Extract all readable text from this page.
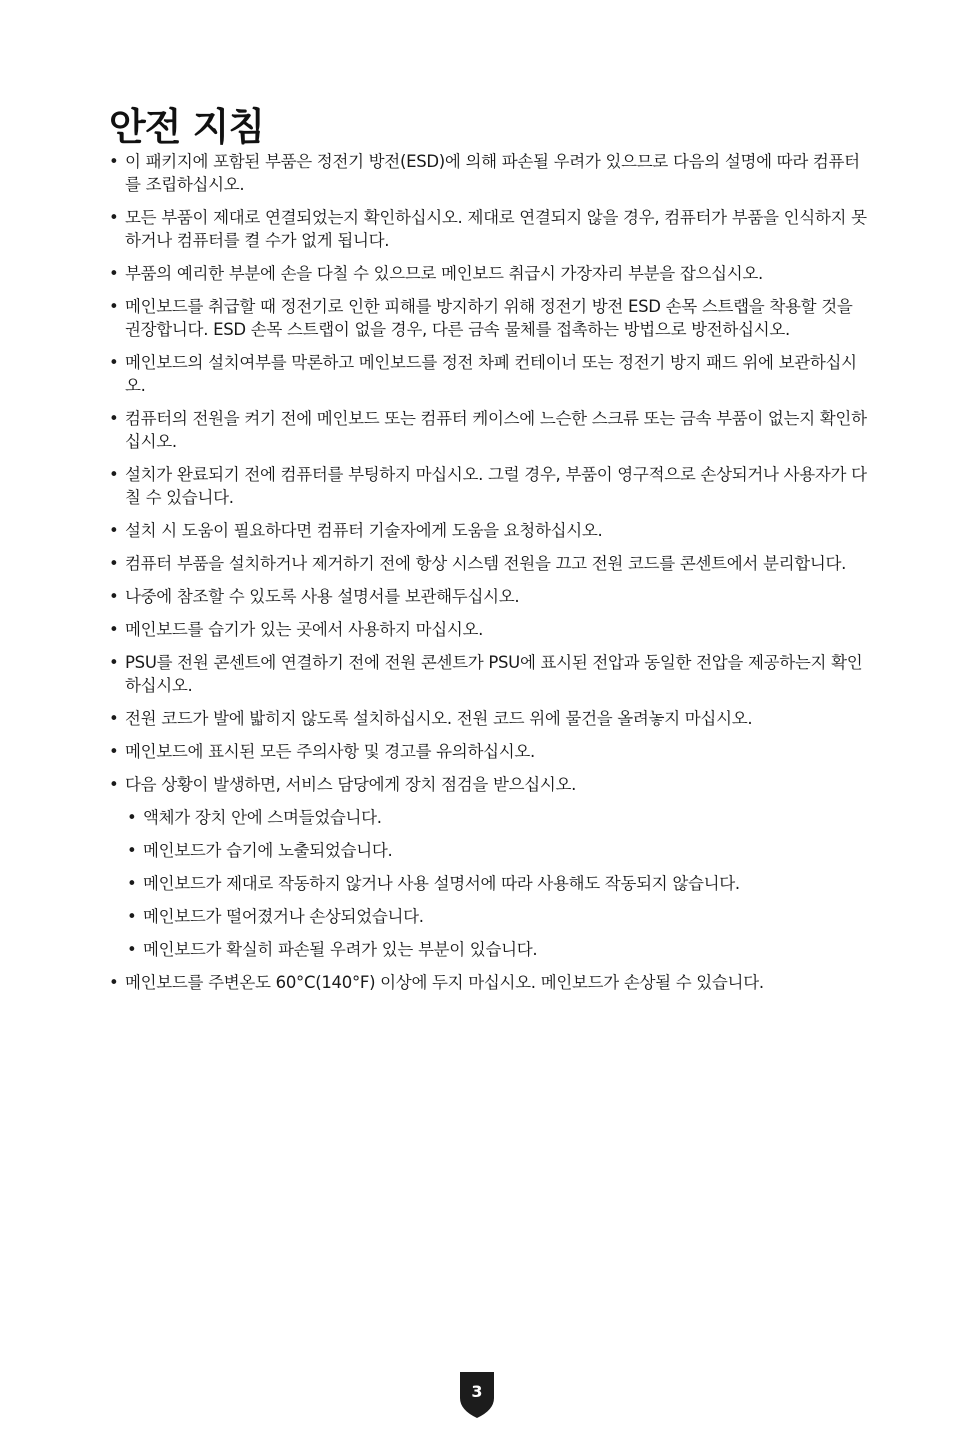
안전 지침
• 이 패키지에 포함된 부품은 정전기 방전(ESD)에 의해 파손될 우려가 있으므로 다음의 설명에 따라 컴퓨터를 조립하십시오.
• 모든 부품이 제대로 연결되었는지 확인하십시오. 제대로 연결되지 않을 경우, 컴퓨터가 부품을 인식하지 못하거나 컴퓨터를 켤 수가 없게 됩니다.
• 부품의 예리한 부분에 손을 다칠 수 있으므로 메인보드 취급시 가장자리 부분을 잡으십시오.
• 메인보드를 취급할 때 정전기로 인한 피해를 방지하기 위해 정전기 방전 ESD 손목 스트랩을 착용할 것을 권장합니다. ESD 손목 스트랩이 없을 경우, 다른 금속 물체를 접촉하는 방법으로 방전하십시오.
• 메인보드의 설치여부를 막론하고 메인보드를 정전 차폐 컨테이너 또는 정전기 방지 패드 위에 보관하십시오.
• 컴퓨터의 전원을 켜기 전에 메인보드 또는 컴퓨터 케이스에 느슨한 스크류 또는 금속 부품이 없는지 확인하십시오.
• 설치가 완료되기 전에 컴퓨터를 부팅하지 마십시오. 그럴 경우, 부품이 영구적으로 손상되거나 사용자가 다칠 수 있습니다.
• 설치 시 도움이 필요하다면 컴퓨터 기술자에게 도움을 요청하십시오.
• 컴퓨터 부품을 설치하거나 제거하기 전에 항상 시스템 전원을 끄고 전원 코드를 콘센트에서 분리합니다.
• 나중에 참조할 수 있도록 사용 설명서를 보관해두십시오.
• 메인보드를 습기가 있는 곳에서 사용하지 마십시오.
• PSU를 전원 콘센트에 연결하기 전에 전원 콘센트가 PSU에 표시된 전압과 동일한 전압을 제공하는지 확인하십시오.
• 전원 코드가 발에 밟히지 않도록 설치하십시오. 전원 코드 위에 물건을 올려놓지 마십시오.
• 메인보드에 표시된 모든 주의사항 및 경고를 유의하십시오.
• 다음 상황이 발생하면, 서비스 담당에게 장치 점검을 받으십시오.
• 액체가 장치 안에 스며들었습니다.
• 메인보드가 습기에 노출되었습니다.
• 메인보드가 제대로 작동하지 않거나 사용 설명서에 따라 사용해도 작동되지 않습니다.
• 메인보드가 떨어졌거나 손상되었습니다.
• 메인보드가 확실히 파손될 우려가 있는 부분이 있습니다.
• 메인보드를 주변온도 60°C(140°F) 이상에 두지 마십시오. 메인보드가 손상될 수 있습니다.
3
